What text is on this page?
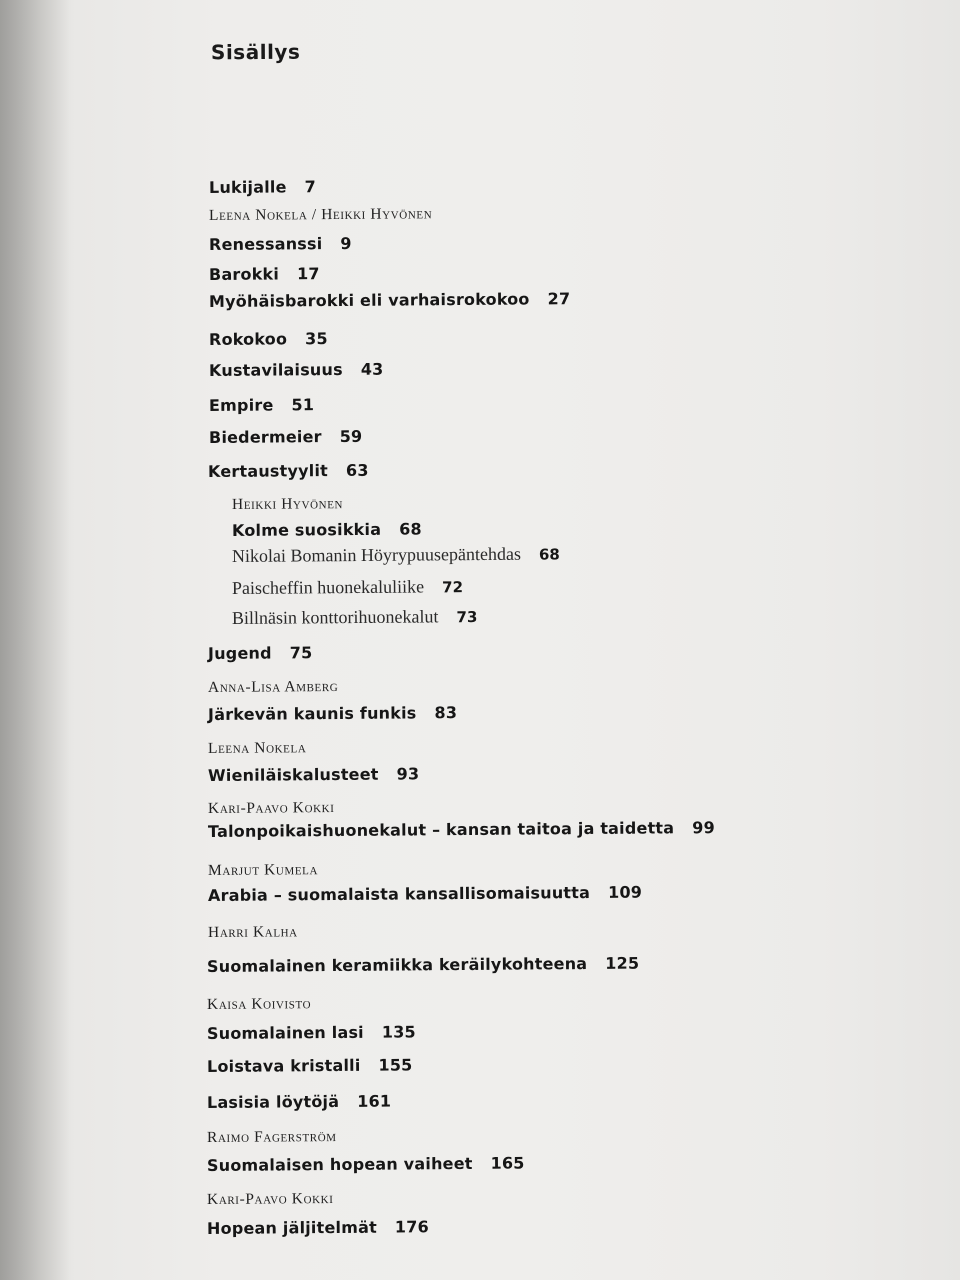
Sisällys
Lukijalle 7
Leena Nokela / Heikki Hyvönen
Renessanssi 9
Barokki 17
Myöhäisbarokki eli varhaisrokokoo 27
Rokokoo 35
Kustavilaisuus 43
Empire 51
Biedermeier 59
Kertaustyylit 63
Heikki Hyvönen
Kolme suosikkia 68
Nikolai Bomanin Höyrypuusepäntehdas 68
Paischeffin huonekaluliike 72
Billnäsin konttorihuonekalut 73
Jugend 75
Anna-Lisa Amberg
Järkevän kaunis funkis 83
Leena Nokela
Wieniläiskalusteet 93
Kari-Paavo Kokki
Talonpoikaishuonekalut – kansan taitoa ja taidetta 99
Marjut Kumela
Arabia – suomalaista kansallisomaisuutta 109
Harri Kalha
Suomalainen keramiikka keräilykohteena 125
Kaisa Koivisto
Suomalainen lasi 135
Loistava kristalli 155
Lasisia löytöjä 161
Raimo Fagerström
Suomalaisen hopean vaiheet 165
Kari-Paavo Kokki
Hopean jäljitelmät 176
